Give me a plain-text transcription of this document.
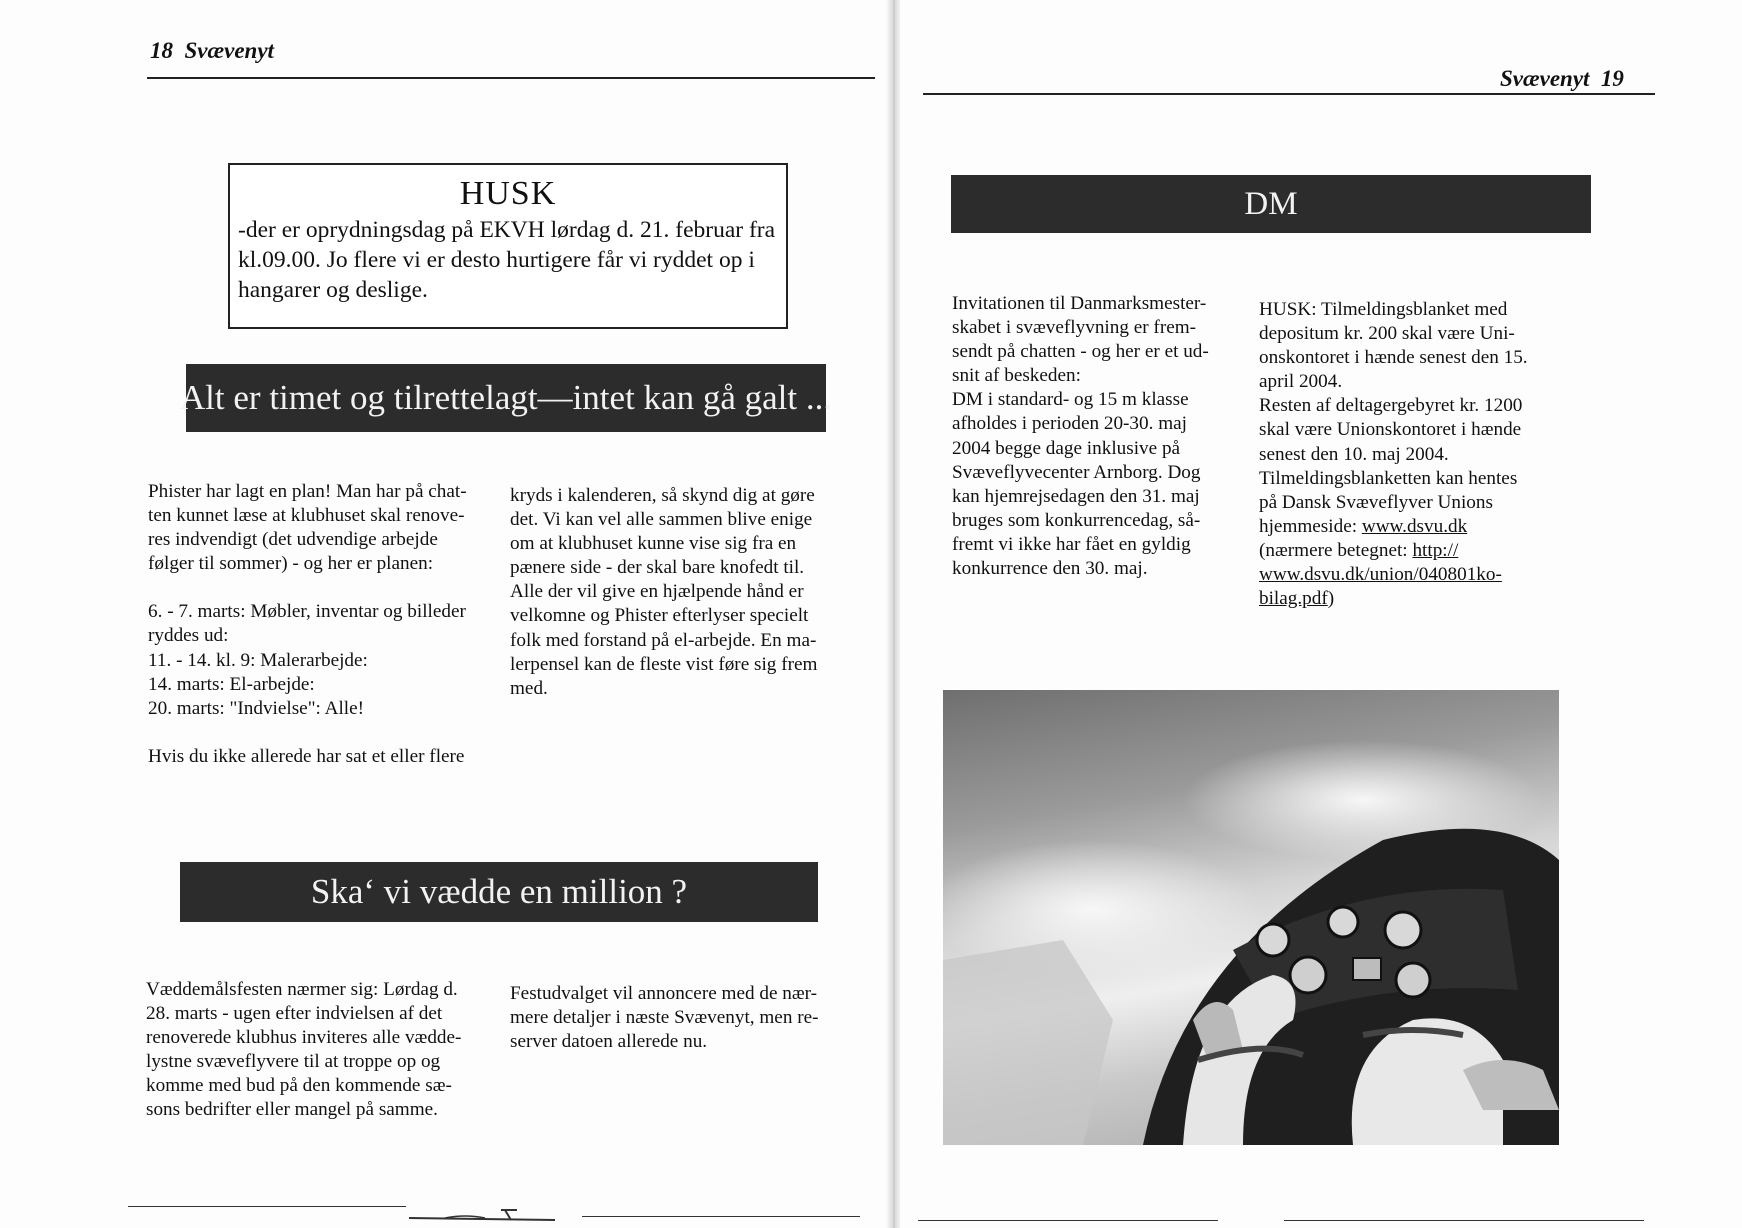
18 Svævenyt
HUSK
-der er oprydningsdag på EKVH lørdag d. 21. februar fra kl.09.00. Jo flere vi er desto hurtigere får vi ryddet op i hangarer og deslige.
Alt er timet og tilrettelagt—intet kan gå galt ...

Phister har lagt en plan! Man har på chat-

ten kunnet læse at klubhuset skal renove-

res indvendigt (det udvendige arbejde

følger til sommer) - og her er planen:

6. - 7. marts: Møbler, inventar og billeder

ryddes ud:

11. - 14. kl. 9: Malerarbejde:

14. marts: El-arbejde:

20. marts: "Indvielse": Alle!

Hvis du ikke allerede har sat et eller flere

kryds i kalenderen, så skynd dig at gøre

det. Vi kan vel alle sammen blive enige

om at klubhuset kunne vise sig fra en

pænere side - der skal bare knofedt til.

Alle der vil give en hjælpende hånd er

velkomne og Phister efterlyser specielt

folk med forstand på el-arbejde. En ma-

lerpensel kan de fleste vist føre sig frem

med.

Ska‘ vi vædde en million ?

Væddemålsfesten nærmer sig: Lørdag d.

28. marts - ugen efter indvielsen af det

renoverede klubhus inviteres alle vædde-

lystne svæveflyvere til at troppe op og

komme med bud på den kommende sæ-

sons bedrifter eller mangel på samme.

Festudvalget vil annoncere med de nær-

mere detaljer i næste Svævenyt, men re-

server datoen allerede nu.

Svævenyt 19
DM

Invitationen til Danmarksmester-

skabet i svæveflyvning er frem-

sendt på chatten - og her er et ud-

snit af beskeden:

DM i standard- og 15 m klasse

afholdes i perioden 20-30. maj

2004 begge dage inklusive på

Svæveflyvecenter Arnborg. Dog

kan hjemrejsedagen den 31. maj

bruges som konkurrencedag, så-

fremt vi ikke har fået en gyldig

konkurrence den 30. maj.

HUSK: Tilmeldingsblanket med

depositum kr. 200 skal være Uni-

onskontoret i hænde senest den 15.

april 2004.

Resten af deltagergebyret kr. 1200

skal være Unionskontoret i hænde

senest den 10. maj 2004.

Tilmeldingsblanketten kan hentes

på Dansk Svæveflyver Unions

hjemmeside: www.dsvu.dk

(nærmere betegnet: http://

www.dsvu.dk/union/040801ko-

bilag.pdf)
